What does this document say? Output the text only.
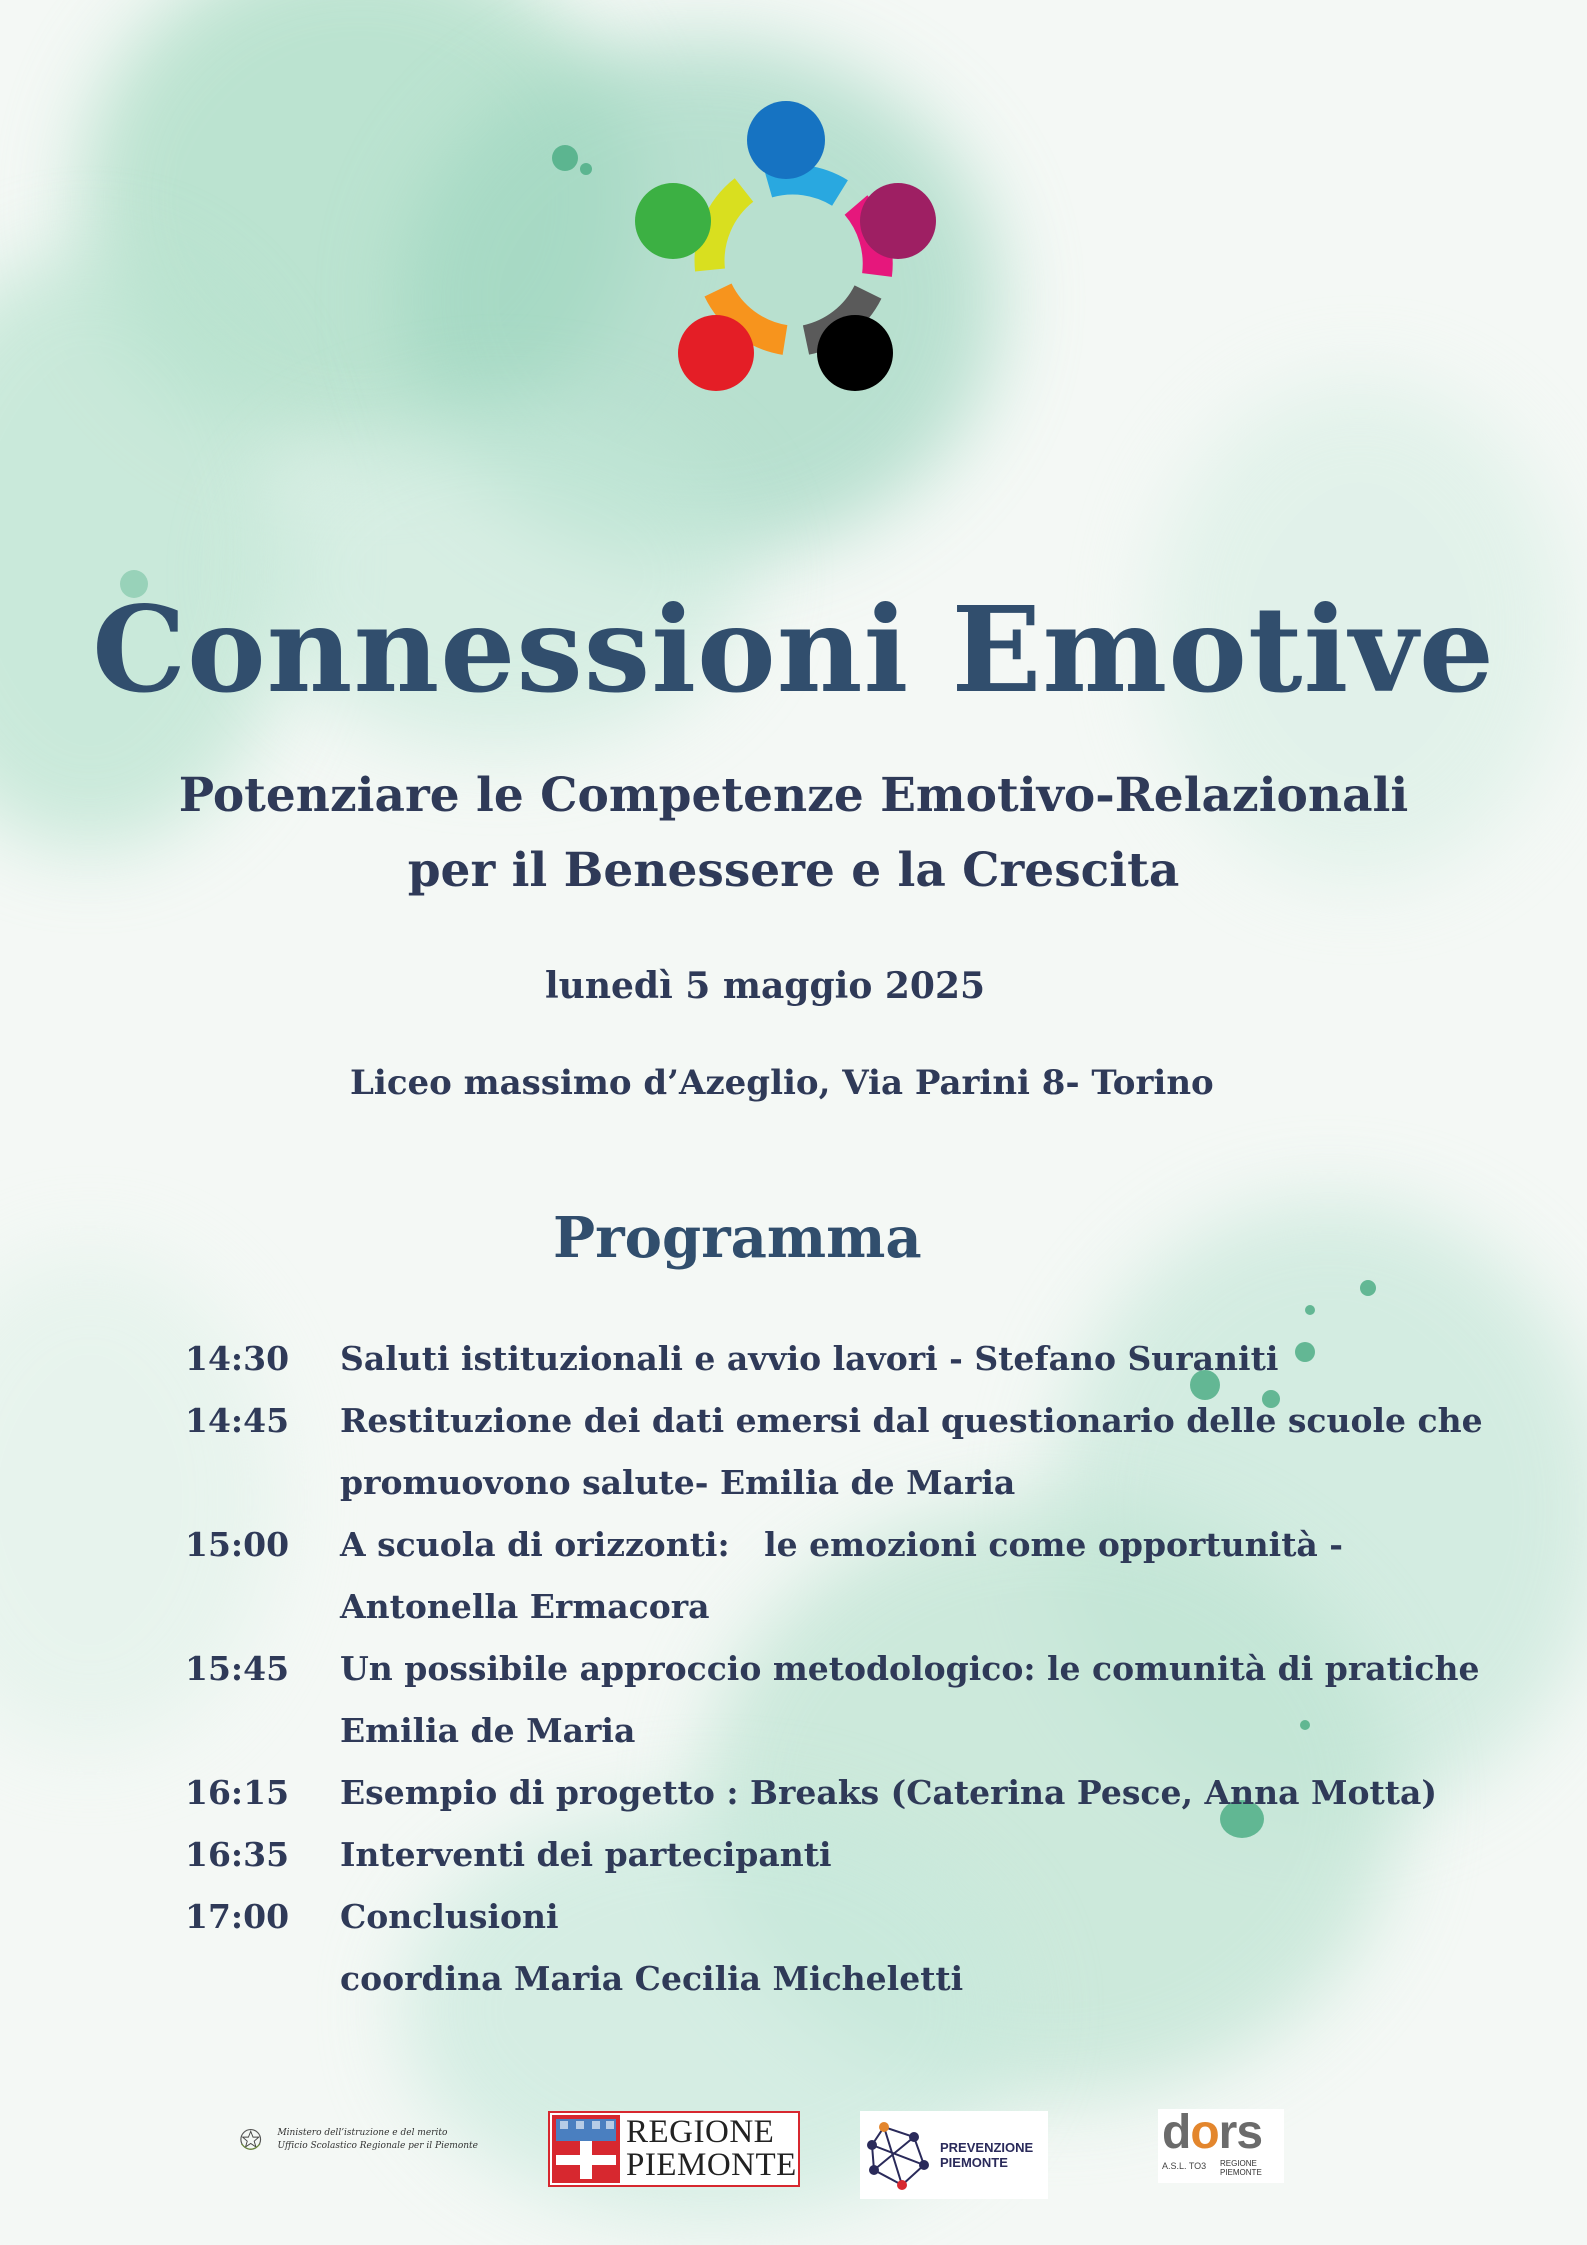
Connessioni Emotive
Potenziare le Competenze Emotivo-Relazionali
per il Benessere e la Crescita
lunedì 5 maggio 2025
Liceo massimo d’Azeglio, Via Parini 8- Torino
Programma
14:30	Saluti istituzionali e avvio lavori - Stefano Suraniti
14:45	Restituzione dei dati emersi dal questionario delle scuole che
promuovono salute- Emilia de Maria
15:00	A scuola di orizzonti:   le emozioni come opportunità -
Antonella Ermacora
15:45	Un possibile approccio metodologico: le comunità di pratiche
Emilia de Maria
16:15	Esempio di progetto : Breaks (Caterina Pesce, Anna Motta)
16:35	Interventi dei partecipanti
17:00	Conclusioni
coordina Maria Cecilia Micheletti
Ministero dell’istruzione e del merito
Ufficio Scolastico Regionale per il Piemonte	REGIONE
PIEMONTE	PREVENZIONE
PIEMONTE
dors
A.S.L. TO3 REGIONE
PIEMONTE
